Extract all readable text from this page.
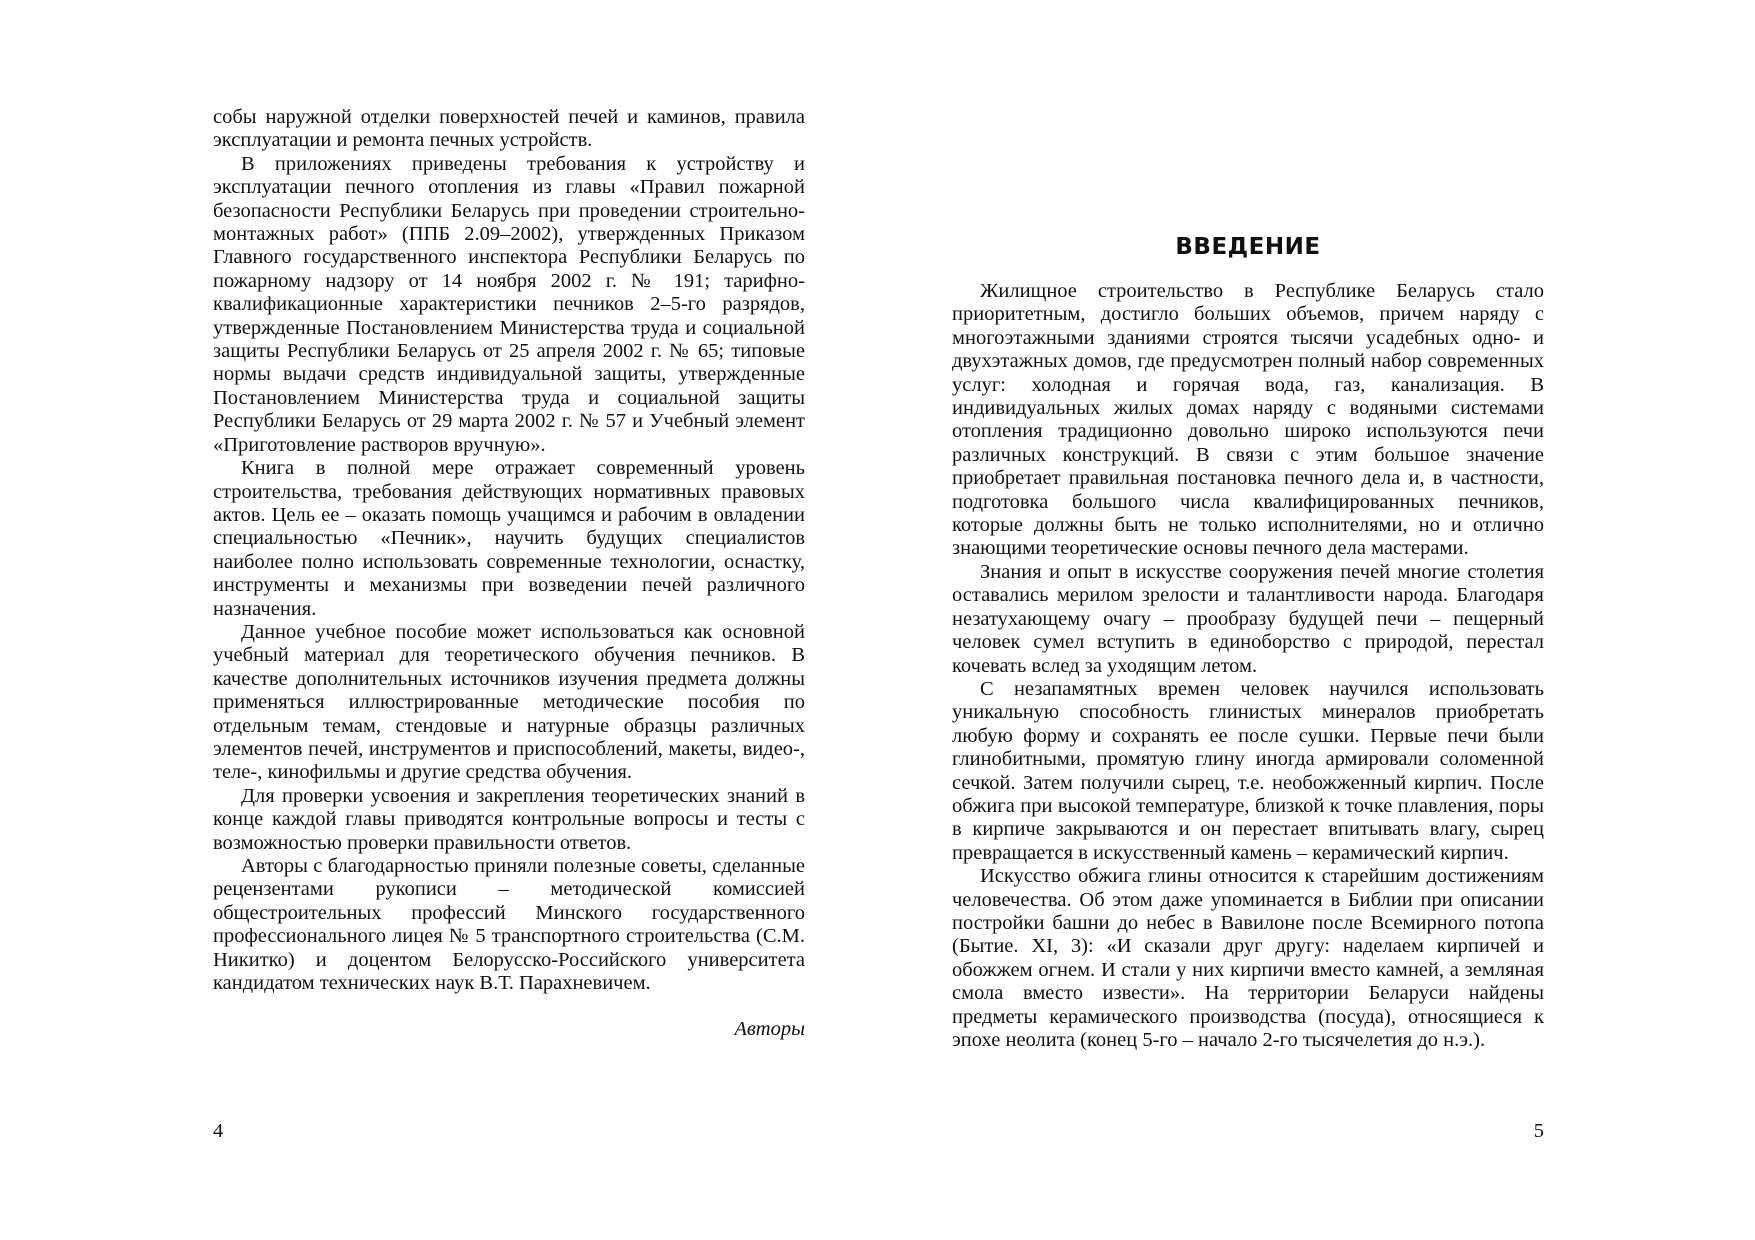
собы наружной отделки поверхностей печей и каминов, правила эксплуатации и ремонта печных устройств.

В приложениях приведены требования к устройству и эксплуатации печного отопления из главы «Правил пожарной безопасности Республики Беларусь при проведении строительно-монтажных работ» (ППБ 2.09–2002), утвержденных Приказом Главного государственного инспектора Республики Беларусь по пожарному надзору от 14 ноября 2002 г. № 191; тарифно-квалификационные характеристики печников 2–5-го разрядов, утвержденные Постановлением Министерства труда и социальной защиты Республики Беларусь от 25 апреля 2002 г. № 65; типовые нормы выдачи средств индивидуальной защиты, утвержденные Постановлением Министерства труда и социальной защиты Республики Беларусь от 29 марта 2002 г. № 57 и Учебный элемент «Приготовление растворов вручную».

Книга в полной мере отражает современный уровень строительства, требования действующих нормативных правовых актов. Цель ее – оказать помощь учащимся и рабочим в овладении специальностью «Печник», научить будущих специалистов наиболее полно использовать современные технологии, оснастку, инструменты и механизмы при возведении печей различного назначения.

Данное учебное пособие может использоваться как основной учебный материал для теоретического обучения печников. В качестве дополнительных источников изучения предмета должны применяться иллюстрированные методические пособия по отдельным темам, стендовые и натурные образцы различных элементов печей, инструментов и приспособлений, макеты, видео-, теле-, кинофильмы и другие средства обучения.

Для проверки усвоения и закрепления теоретических знаний в конце каждой главы приводятся контрольные вопросы и тесты с возможностью проверки правильности ответов.

Авторы с благодарностью приняли полезные советы, сделанные рецензентами рукописи – методической комиссией общестроительных профессий Минского государственного профессионального лицея № 5 транспортного строительства (С.М. Никитко) и доцентом Белорусско-Российского университета кандидатом технических наук В.Т. Парахневичем.

Авторы
4
ВВЕДЕНИЕ

Жилищное строительство в Республике Беларусь стало приоритетным, достигло больших объемов, причем наряду с многоэтажными зданиями строятся тысячи усадебных одно- и двухэтажных домов, где предусмотрен полный набор современных услуг: холодная и горячая вода, газ, канализация. В индивидуальных жилых домах наряду с водяными системами отопления традиционно довольно широко используются печи различных конструкций. В связи с этим большое значение приобретает правильная постановка печного дела и, в частности, подготовка большого числа квалифицированных печников, которые должны быть не только исполнителями, но и отлично знающими теоретические основы печного дела мастерами.

Знания и опыт в искусстве сооружения печей многие столетия оставались мерилом зрелости и талантливости народа. Благодаря незатухающему очагу – прообразу будущей печи – пещерный человек сумел вступить в единоборство с природой, перестал кочевать вслед за уходящим летом.

С незапамятных времен человек научился использовать уникальную способность глинистых минералов приобретать любую форму и сохранять ее после сушки. Первые печи были глинобитными, промятую глину иногда армировали соломенной сечкой. Затем получили сырец, т.е. необожженный кирпич. После обжига при высокой температуре, близкой к точке плавления, поры в кирпиче закрываются и он перестает впитывать влагу, сырец превращается в искусственный камень – керамический кирпич.

Искусство обжига глины относится к старейшим достижениям человечества. Об этом даже упоминается в Библии при описании постройки башни до небес в Вавилоне после Всемирного потопа (Бытие. XI, 3): «И сказали друг другу: наделаем кирпичей и обожжем огнем. И стали у них кирпичи вместо камней, а земляная смола вместо извести». На территории Беларуси найдены предметы керамического производства (посуда), относящиеся к эпохе неолита (конец 5-го – начало 2-го тысячелетия до н.э.).

5
